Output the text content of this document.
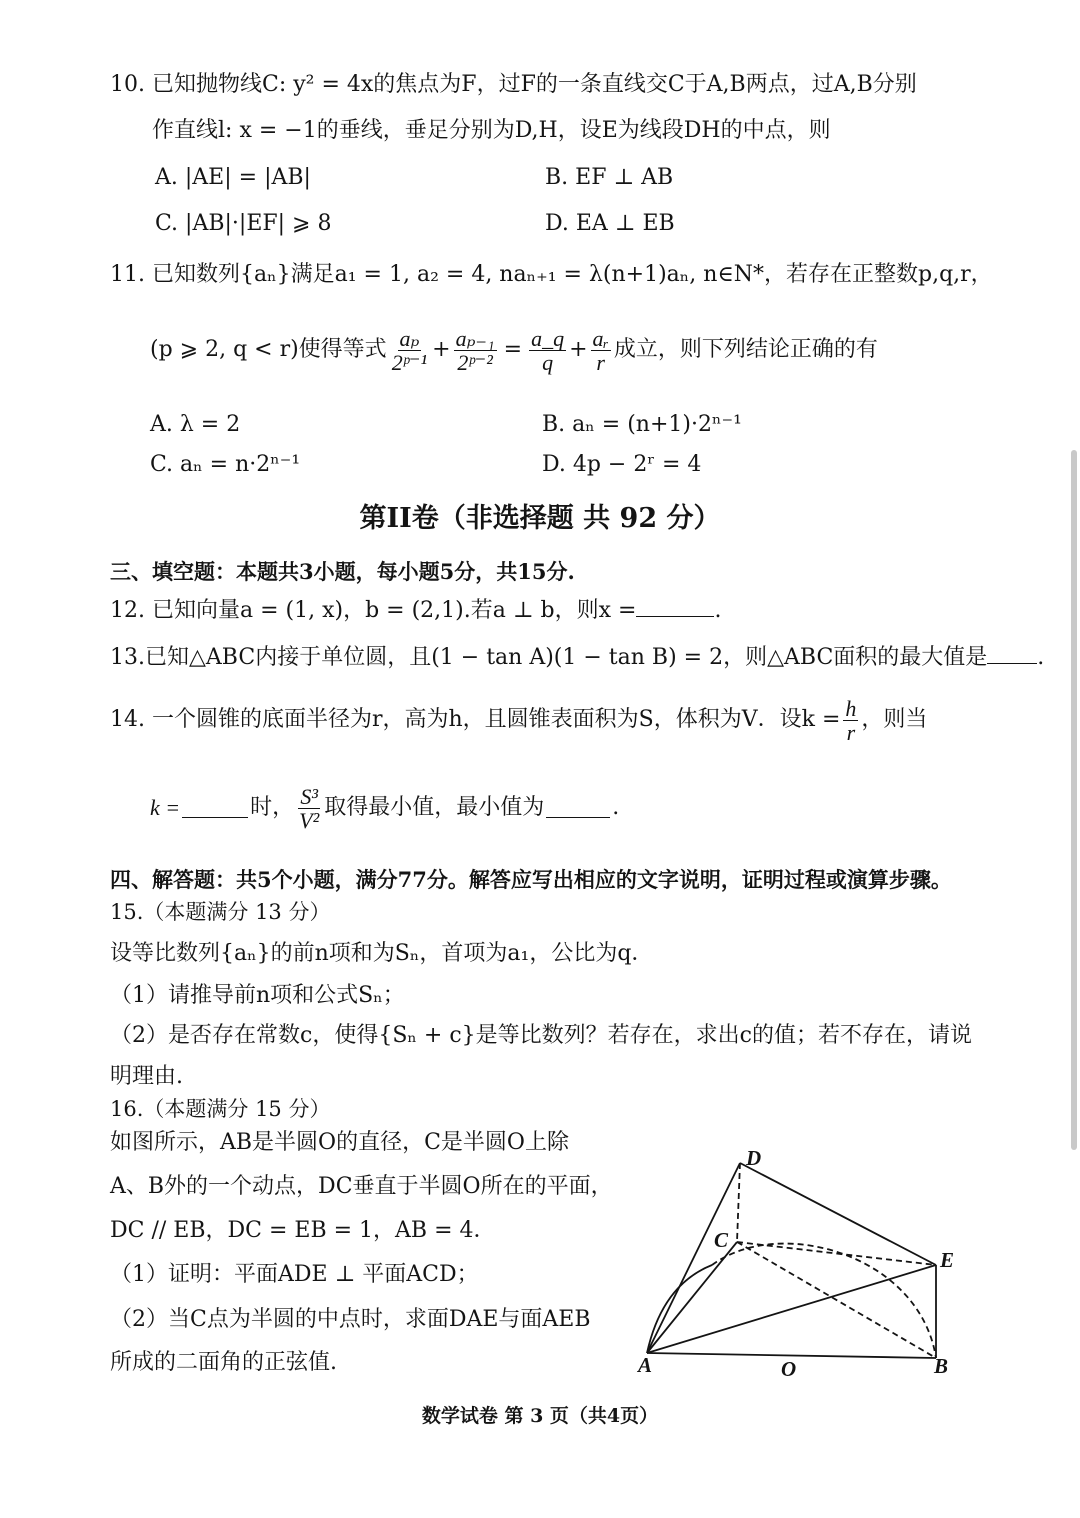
10. 已知抛物线C: y² = 4x的焦点为F，过F的一条直线交C于A,B两点，过A,B分别
作直线l: x = −1的垂线，垂足分别为D,H，设E为线段DH的中点，则
A. |AE| = |AB|	B. EF ⊥ AB
C. |AB|·|EF| ⩾ 8	D. EA ⊥ EB
11. 已知数列{aₙ}满足a₁ = 1, a₂ = 4, naₙ₊₁ = λ(n+1)aₙ, n∈N*，若存在正整数p,q,r，
(p ⩾ 2, q < r)使得等式 $\frac{\text{aₚ}}{\text{2ᵖ⁻¹}} + \frac{\text{aₚ₋₁}}{\text{2ᵖ⁻²}} = \frac{a\_q}{q} + \frac{\text{aᵣ}}{r}$ 成立，则下列结论正确的有
A. λ = 2	B. aₙ = (n+1)·2ⁿ⁻¹
C. aₙ = n·2ⁿ⁻¹	D. 4p − 2ʳ = 4
第II卷（非选择题 共 92 分）
三、填空题：本题共3小题，每小题5分，共15分.
12. 已知向量a = (1, x)，b = (2,1).若a ⊥ b，则x =	.
13.已知△ABC内接于单位圆，且(1 − tan A)(1 − tan B) = 2，则△ABC面积的最大值是 .
14. 一个圆锥的底面半径为r，高为h，且圆锥表面积为S，体积为V．设$k = \frac{h}{r}$ ，则当
k =	时， $\frac{\text{S³}}{\text{V²}}$ 取得最小值，最小值为	.
四、解答题：共5个小题，满分77分。解答应写出相应的文字说明，证明过程或演算步骤。
15.（本题满分 13 分）
设等比数列{aₙ}的前n项和为Sₙ，首项为a₁，公比为q．
（1）请推导前n项和公式Sₙ；
（2）是否存在常数c，使得{Sₙ + c}是等比数列？若存在，求出c的值；若不存在，请说
明理由.
16.（本题满分 15 分）
如图所示，AB是半圆O的直径，C是半圆O上除
A、B外的一个动点，DC垂直于半圆O所在的平面，
DC // EB，DC = EB = 1，AB = 4．
（1）证明：平面ADE ⊥ 平面ACD；
（2）当C点为半圆的中点时，求面DAE与面AEB
所成的二面角的正弦值.
D
C
E
A	O	B
数学试卷 第 3 页（共4页）
